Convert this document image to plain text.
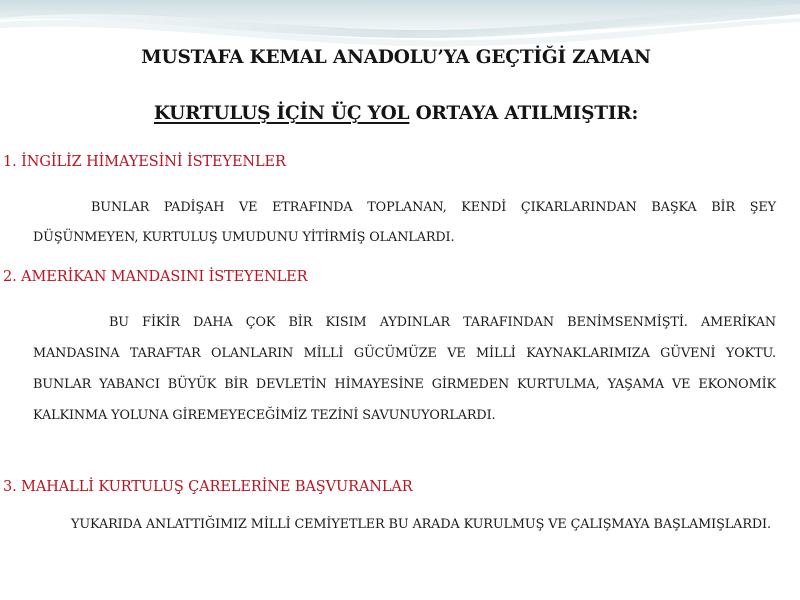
MUSTAFA KEMAL ANADOLU’YA GEÇTİĞİ ZAMAN
KURTULUŞ İÇİN ÜÇ YOL ORTAYA ATILMIŞTIR:
1. İNGİLİZ HİMAYESİNİ İSTEYENLER
BUNLAR PADİŞAH VE ETRAFINDA TOPLANAN, KENDİ ÇIKARLARINDAN BAŞKA BİR ŞEY DÜŞÜNMEYEN, KURTULUŞ UMUDUNU YİTİRMİŞ OLANLARDI.
2. AMERİKAN MANDASINI İSTEYENLER
BU FİKİR DAHA ÇOK BİR KISIM AYDINLAR TARAFINDAN BENİMSENMİŞTİ. AMERİKAN MANDASINA TARAFTAR OLANLARIN MİLLİ GÜCÜMÜZE VE MİLLİ KAYNAKLARIMIZA GÜVENİ YOKTU. BUNLAR YABANCI BÜYÜK BİR DEVLETİN HİMAYESİNE GİRMEDEN KURTULMA, YAŞAMA VE EKONOMİK KALKINMA YOLUNA GİREMEYECEĞİMİZ TEZİNİ SAVUNUYORLARDI.
3. MAHALLİ KURTULUŞ ÇARELERİNE BAŞVURANLAR
YUKARIDA ANLATTIĞIMIZ MİLLİ CEMİYETLER BU ARADA KURULMUŞ VE ÇALIŞMAYA BAŞLAMIŞLARDI.
